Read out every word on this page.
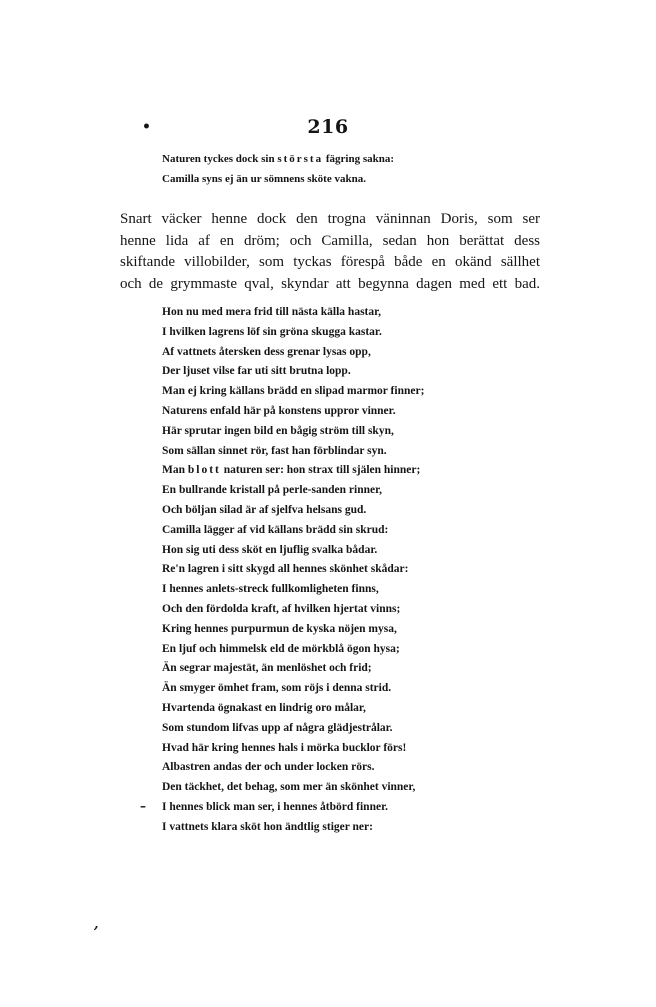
•	216
Naturen tyckes dock sin största fägring sakna:
Camilla syns ej än ur sömnens sköte vakna.
Snart väcker henne dock den trogna väninnan Doris, som ser
henne lida af en dröm; och Camilla, sedan hon berättat dess
skiftande villobilder, som tyckas förespå både en okänd sällhet
och de grymmaste qval, skyndar att begynna dagen med ett bad.
Hon nu med mera frid till nästa källa hastar,
I hvilken lagrens löf sin gröna skugga kastar.
Af vattnets återsken dess grenar lysas opp,
Der ljuset vilse far uti sitt brutna lopp.
Man ej kring källans brädd en slipad marmor finner;
Naturens enfald här på konstens uppror vinner.
Här sprutar ingen bild en bågig ström till skyn,
Som sällan sinnet rör, fast han förblindar syn.
Man blott naturen ser: hon strax till själen hinner;
En bullrande kristall på perle-sanden rinner,
Och böljan silad är af sjelfva helsans gud.
Camilla lägger af vid källans brädd sin skrud:
Hon sig uti dess sköt en ljuflig svalka bådar.
Re'n lagren i sitt skygd all hennes skönhet skådar:
I hennes anlets-streck fullkomligheten finns,
Och den fördolda kraft, af hvilken hjertat vinns;
Kring hennes purpurmun de kyska nöjen mysa,
En ljuf och himmelsk eld de mörkblå ögon hysa;
Än segrar majestät, än menlöshet och frid;
Än smyger ömhet fram, som röjs i denna strid.
Hvartenda ögnakast en lindrig oro målar,
Som stundom lifvas upp af några glädjestrålar.
Hvad här kring hennes hals i mörka bucklor förs!
Albastren andas der och under locken rörs.
Den täckhet, det behag, som mer än skönhet vinner,
I hennes blick man ser, i hennes åtbörd finner.
I vattnets klara sköt hon ändtlig stiger ner:
–
,
